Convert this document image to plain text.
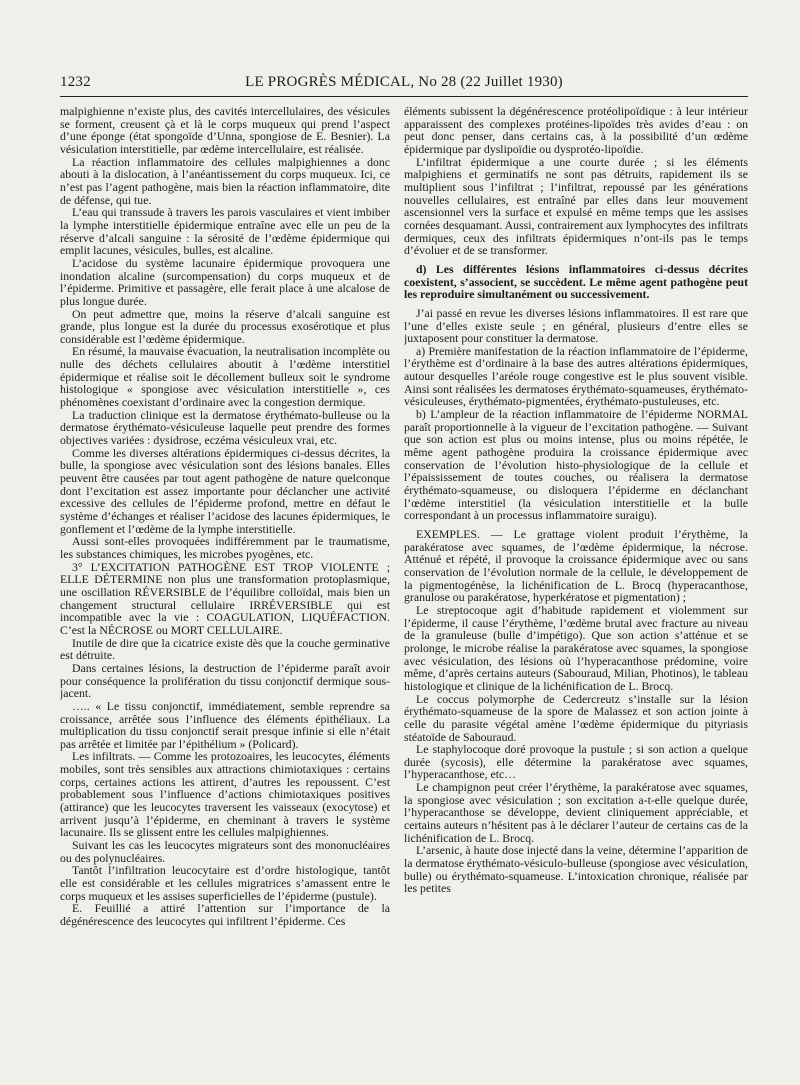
1232	LE PROGRÈS MÉDICAL, No 28 (22 Juillet 1930)

malpighienne n’existe plus, des cavités intercellulaires, des vésicules se forment, creusent çà et là le corps muqueux qui prend l’aspect d’une éponge (état spongoïde d’Unna, spongiose de E. Besnier). La vésiculation interstitielle, par œdème intercellulaire, est réalisée.

La réaction inflammatoire des cellules malpighiennes a donc abouti à la dislocation, à l’anéantissement du corps muqueux. Ici, ce n’est pas l’agent pathogène, mais bien la réaction inflammatoire, dite de défense, qui tue.

L’eau qui transsude à travers les parois vasculaires et vient imbiber la lymphe interstitielle épidermique entraîne avec elle un peu de la réserve d’alcali sanguine : la sérosité de l’œdème épidermique qui emplit lacunes, vésicules, bulles, est alcaline.

L’acidose du système lacunaire épidermique provoquera une inondation alcaline (surcompensation) du corps muqueux et de l’épiderme. Primitive et passagère, elle ferait place à une alcalose de plus longue durée.

On peut admettre que, moins la réserve d’alcali sanguine est grande, plus longue est la durée du processus exosérotique et plus considérable est l’œdème épidermique.

En résumé, la mauvaise évacuation, la neutralisation incomplète ou nulle des déchets cellulaires aboutit à l’œdème interstitiel épidermique et réalise soit le décollement bulleux soit le syndrome histologique « spongiose avec vésiculation interstitielle », ces phénomènes coexistant d’ordinaire avec la congestion dermique.

La traduction clinique est la dermatose érythémato-bulleuse ou la dermatose érythémato-vésiculeuse laquelle peut prendre des formes objectives variées : dysidrose, eczéma vésiculeux vrai, etc.

Comme les diverses altérations épidermiques ci-dessus décrites, la bulle, la spongiose avec vésiculation sont des lésions banales. Elles peuvent être causées par tout agent pathogène de nature quelconque dont l’excitation est assez importante pour déclancher une activité excessive des cellules de l’épiderme profond, mettre en défaut le système d’échanges et réaliser l’acidose des lacunes épidermiques, le gonflement et l’œdème de la lymphe interstitielle.

Aussi sont-elles provoquées indifféremment par le traumatisme, les substances chimiques, les microbes pyogènes, etc.

3° L’EXCITATION PATHOGÈNE EST TROP VIOLENTE ; ELLE DÉTERMINE non plus une transformation protoplasmique, une oscillation RÉVERSIBLE de l’équilibre colloïdal, mais bien un changement structural cellulaire IRRÉVERSIBLE qui est incompatible avec la vie : COAGULATION, LIQUÉFACTION. C’est la NÉCROSE ou MORT CELLULAIRE.

Inutile de dire que la cicatrice existe dès que la couche germinative est détruite.

Dans certaines lésions, la destruction de l’épiderme paraît avoir pour conséquence la prolifération du tissu conjonctif dermique sous-jacent.

….. « Le tissu conjonctif, immédiatement, semble reprendre sa croissance, arrêtée sous l’influence des éléments épithéliaux. La multiplication du tissu conjonctif serait presque infinie si elle n’était pas arrêtée et limitée par l’épithélium » (Policard).

Les infiltrats. — Comme les protozoaires, les leucocytes, éléments mobiles, sont très sensibles aux attractions chimiotaxiques : certains corps, certaines actions les attirent, d’autres les repoussent. C’est probablement sous l’influence d’actions chimiotaxiques positives (attirance) que les leucocytes traversent les vaisseaux (exocytose) et arrivent jusqu’à l’épiderme, en cheminant à travers le système lacunaire. Ils se glissent entre les cellules malpighiennes.

Suivant les cas les leucocytes migrateurs sont des mononucléaires ou des polynucléaires.

Tantôt l’infiltration leucocytaire est d’ordre histologique, tantôt elle est considérable et les cellules migratrices s’amassent entre le corps muqueux et les assises superficielles de l’épiderme (pustule).

E. Feuillié a attiré l’attention sur l’importance de la dégénérescence des leucocytes qui infiltrent l’épiderme. Ces

éléments subissent la dégénérescence protéolipoïdique : à leur intérieur apparaissent des complexes protéines-lipoïdes très avides d’eau : on peut donc penser, dans certains cas, à la possibilité d’un œdème épidermique par dyslipoïdie ou dysprotéo-lipoïdie.

L’infiltrat épidermique a une courte durée ; si les éléments malpighiens et germinatifs ne sont pas détruits, rapidement ils se multiplient sous l’infiltrat ; l’infiltrat, repoussé par les générations nouvelles cellulaires, est entraîné par elles dans leur mouvement ascensionnel vers la surface et expulsé en même temps que les assises cornées desquamant. Aussi, contrairement aux lymphocytes des infiltrats dermiques, ceux des infiltrats épidermiques n’ont-ils pas le temps d’évoluer et de se transformer.

d) Les différentes lésions inflammatoires ci-dessus décrites coexistent, s’associent, se succèdent. Le même agent pathogène peut les reproduire simultanément ou successivement.

J’ai passé en revue les diverses lésions inflammatoires. Il est rare que l’une d’elles existe seule ; en général, plusieurs d’entre elles se juxtaposent pour constituer la dermatose.

a) Première manifestation de la réaction inflammatoire de l’épiderme, l’érythème est d’ordinaire à la base des autres altérations épidermiques, autour desquelles l’aréole rouge congestive est le plus souvent visible. Ainsi sont réalisées les dermatoses érythémato-squameuses, érythémato-vésiculeuses, érythémato-pigmentées, érythémato-pustuleuses, etc.

b) L’ampleur de la réaction inflammatoire de l’épiderme NORMAL paraît proportionnelle à la vigueur de l’excitation pathogène. — Suivant que son action est plus ou moins intense, plus ou moins répétée, le même agent pathogène produira la croissance épidermique avec conservation de l’évolution histo-physiologique de la cellule et l’épaississement de toutes couches, ou réalisera la dermatose érythémato-squameuse, ou disloquera l’épiderme en déclanchant l’œdème interstitiel (la vésiculation interstitielle et la bulle correspondant à un processus inflammatoire suraigu).

EXEMPLES. — Le grattage violent produit l’érythème, la parakératose avec squames, de l’œdème épidermique, la nécrose. Atténué et répété, il provoque la croissance épidermique avec ou sans conservation de l’évolution normale de la cellule, le développement de la pigmentogénèse, la lichénification de L. Brocq (hyperacanthose, granulose ou parakératose, hyperkératose et pigmentation) ;

Le streptocoque agit d’habitude rapidement et violemment sur l’épiderme, il cause l’érythème, l’œdème brutal avec fracture au niveau de la granuleuse (bulle d’impétigo). Que son action s’atténue et se prolonge, le microbe réalise la parakératose avec squames, la spongiose avec vésiculation, des lésions où l’hyperacanthose prédomine, voire même, d’après certains auteurs (Sabouraud, Milian, Photinos), le tableau histologique et clinique de la lichénification de L. Brocq.

Le coccus polymorphe de Cedercreutz s’installe sur la lésion érythémato-squameuse de la spore de Malassez et son action jointe à celle du parasite végétal amène l’œdème épidermique du pityriasis stéatoïde de Sabouraud.

Le staphylocoque doré provoque la pustule ; si son action a quelque durée (sycosis), elle détermine la parakératose avec squames, l’hyperacanthose, etc…

Le champignon peut créer l’érythème, la parakératose avec squames, la spongiose avec vésiculation ; son excitation a-t-elle quelque durée, l’hyperacanthose se développe, devient cliniquement appréciable, et certains auteurs n’hésitent pas à le déclarer l’auteur de certains cas de la lichénification de L. Brocq.

L’arsenic, à haute dose injecté dans la veine, détermine l’apparition de la dermatose érythémato-vésiculo-bulleuse (spongiose avec vésiculation, bulle) ou érythémato-squameuse. L’intoxication chronique, réalisée par les petites
